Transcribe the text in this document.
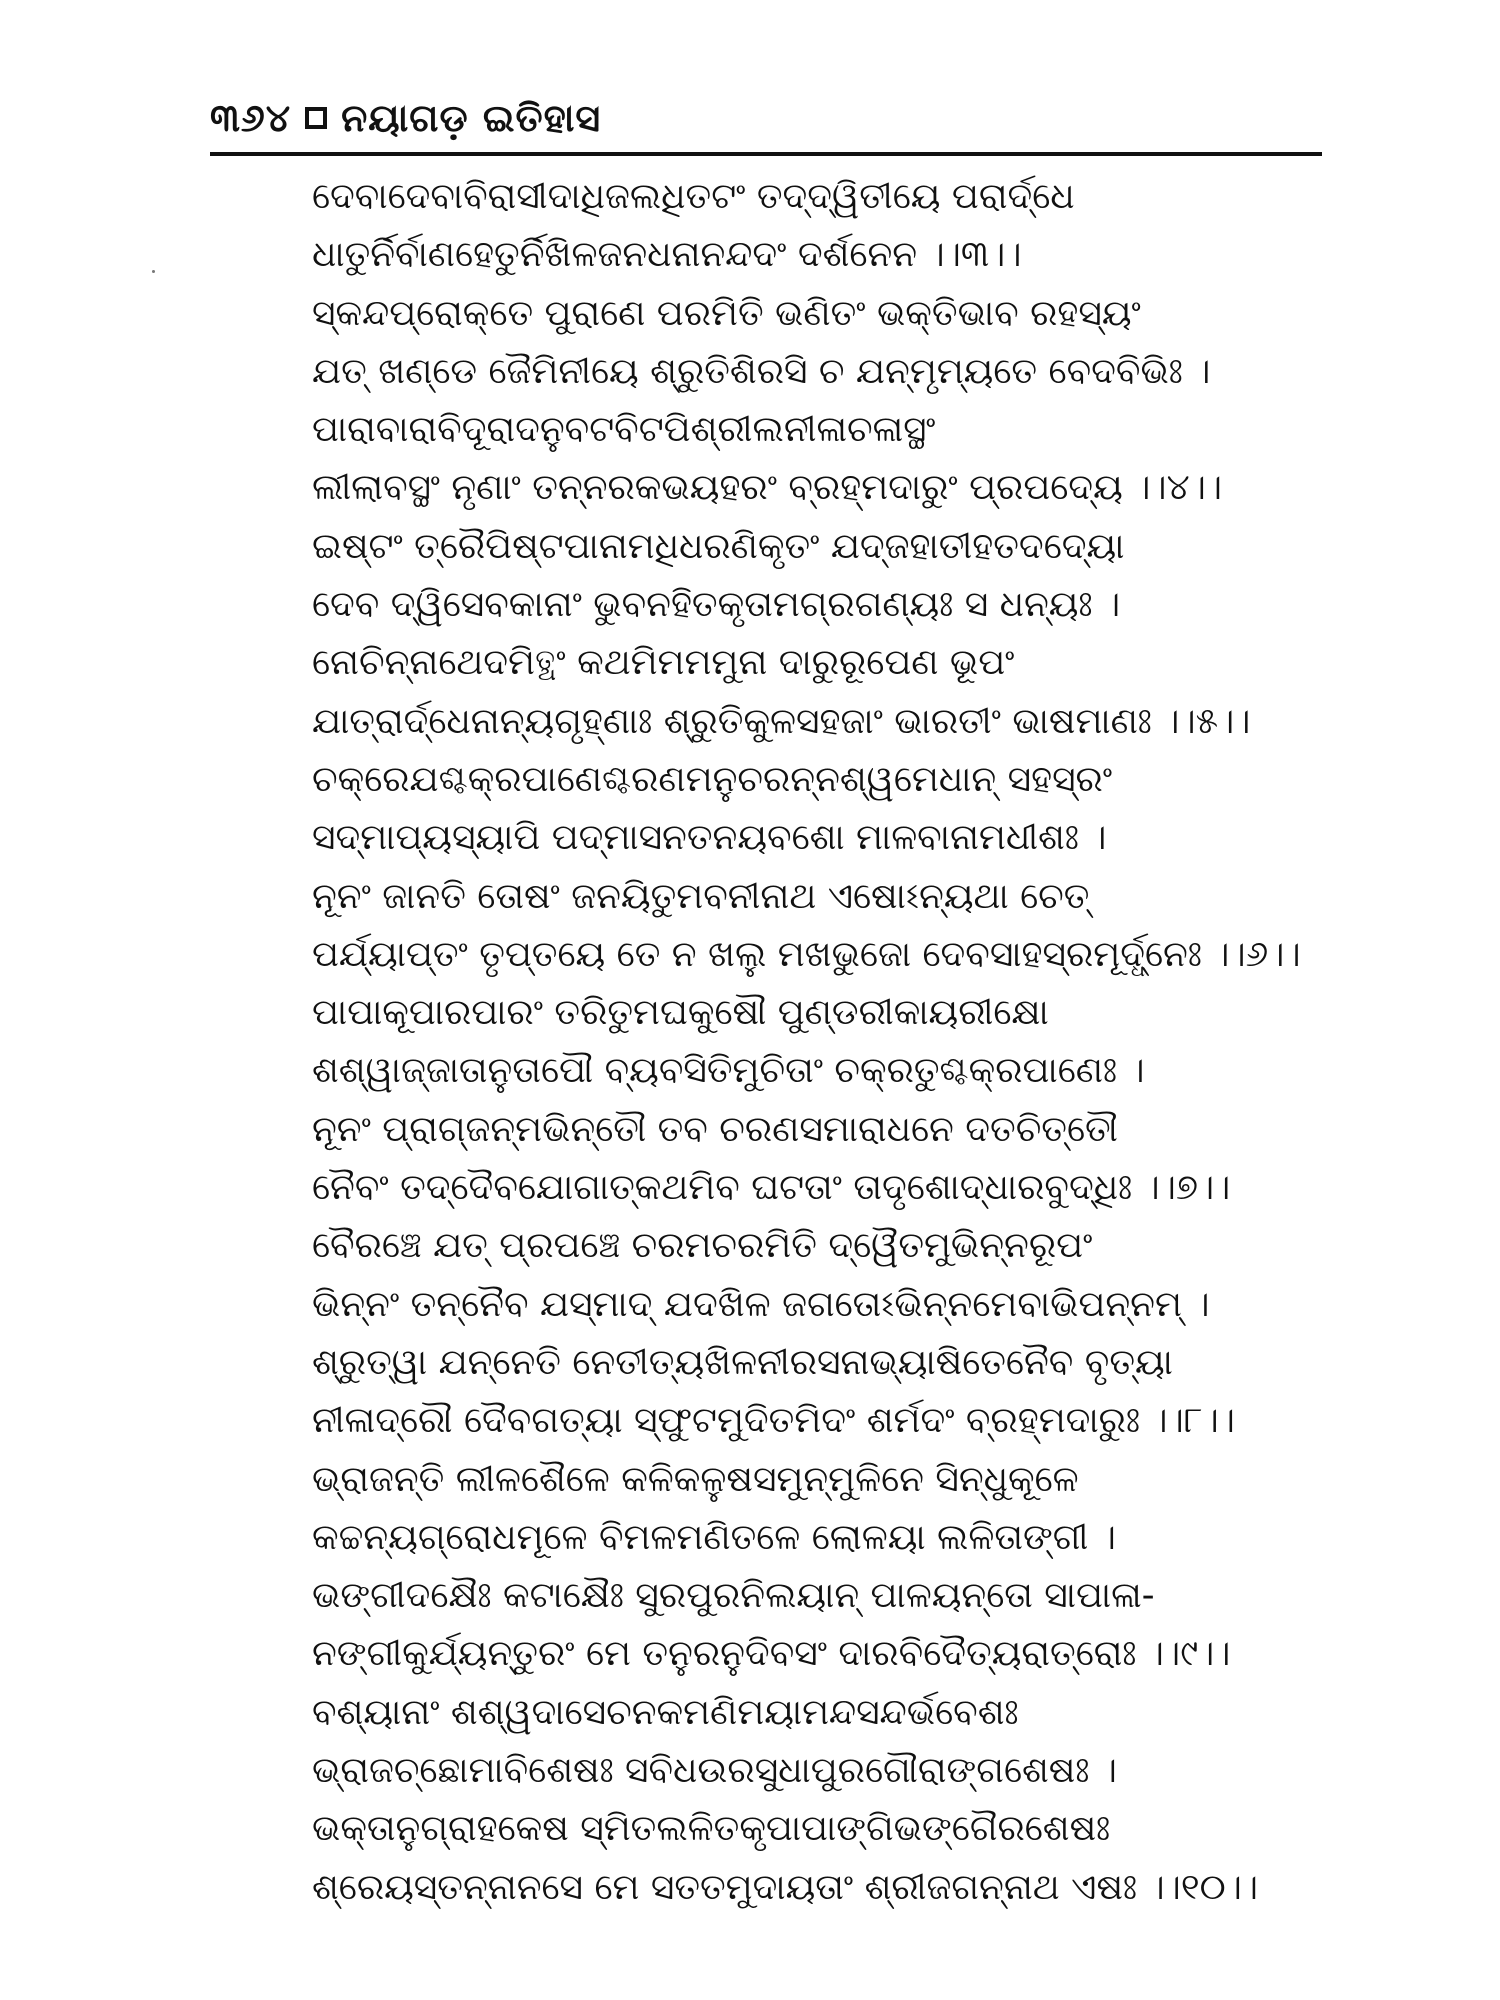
୩୬୪ ନୟାଗଡ଼ ଇତିହାସ
ଦେବାଦେବାବିରାସୀଦାଧିଜଲଧିତଟଂ ତଦ୍‌ଦ୍ୱିତୀୟେ ପରାର୍ଦ୍ଧେ
ଧାତୁର୍ନିର୍ବାଣହେତୁର୍ନିଖିଳଜନଧନାନନ୍ଦଦଂ ଦର୍ଶନେନ ।।୩।।
ସ୍କନ୍ଦପ୍ରୋକ୍ତେ ପୁରାଣେ ପରମିତି ଭଣିତଂ ଭକ୍ତିଭାବ ରହସ୍ୟଂ
ଯତ୍ ଖଣ୍ଡେ ଜୈମିନୀୟେ ଶ୍ରୁତିଶିରସି ଚ ଯନ୍ମୃମ୍ୟତେ ବେଦବିଭିଃ ।
ପାରାବାରାବିଦୂରାଦନୁବଟବିଟପିଶ୍ରୀଲନୀଳାଚଳାସ୍ଥଂ
ଲୀଲାବସ୍ଥଂ ନୃଣାଂ ତନ୍ନରକଭୟହରଂ ବ୍ରହ୍ମଦାରୁଂ ପ୍ରପଦ୍ୟେ ।।୪।।
ଇଷ୍ଟଂ ତ୍ରୈପିଷ୍ଟପାନାମଧିଧରଣିକୃତଂ ଯଦ୍‌ଜହାତୀହତଦଦ୍ୟୋ
ଦେବ ଦ୍ୱିସେବକାନାଂ ଭୁବନହିତକୃତାମଗ୍ରଗଣ୍ୟଃ ସ ଧନ୍ୟଃ ।
ନୋଚିନ୍ନାଥେଦମିତ୍ଥଂ କଥମିମମମୁନା ଦାରୁରୂପେଣ ଭୂପଂ
ଯାତ୍ରାର୍ଦ୍ଧେନାନ୍ୟଗୃହ୍ଣାଃ ଶ୍ରୁତିକୁଳସହଜାଂ ଭାରତୀଂ ଭାଷମାଣଃ ।।୫।।
ଚକ୍ରେଯଶ୍ଚକ୍ରପାଣେଶ୍ଚରଣମନୁଚରନ୍ନଶ୍ୱମେଧାନ୍ ସହସ୍ରଂ
ସଦ୍ମାପ୍ୟସ୍ୟାପି ପଦ୍ମାସନତନୟବଶୋ ମାଳବାନାମଧୀଶଃ ।
ନୂନଂ ଜାନତି ତୋଷଂ ଜନୟିତୁମବନୀନାଥ ଏଷୋଽନ୍ୟଥା ଚେତ୍
ପର୍ଯ୍ୟାପ୍ତଂ ତୃପ୍ତୟେ ତେ ନ ଖଲୁ ମଖଭୁଜୋ ଦେବସାହସ୍ରମୂର୍ଦ୍ଧ୍ନେଃ ।।୬।।
ପାପାକୂପାରପାରଂ ତରିତୁମଘକୁଷୌ ପୁଣ୍ଡରୀକାୟରୀକ୍ଷୋ
ଶଶ୍ୱାଜ୍ଜାତାନୁତାପୌ ବ୍ୟବସିତିମୁଚିତାଂ ଚକ୍ରତୁଶ୍ଚକ୍ରପାଣେଃ ।
ନୂନଂ ପ୍ରାଗ୍‌ଜନ୍ମଭିନ୍ତୌ ତବ ଚରଣସମାରାଧନେ ଦତଚିତ୍ତୌ
ନୈବଂ ତଦ୍‌ଦୈବଯୋଗାତ୍କଥମିବ ଘଟତାଂ ତାଦୃଶୋଦ୍ଧାରବୁଦ୍ଧିଃ ।।୭।।
ବୈରଞ୍ଚେ ଯତ୍ ପ୍ରପଞ୍ଚେ ଚରମଚରମିତି ଦ୍ୱୈତମୁଭିନ୍ନରୂପଂ
ଭିନ୍ନଂ ତନ୍ନୈବ ଯସ୍ମାଦ୍ ଯଦଖିଳ ଜଗତୋଽଭିନ୍ନମେବାଭିପନ୍ନମ୍ ।
ଶ୍ରୁତ୍ୱା ଯନ୍ନେତି ନେତୀତ୍ୟଖିଳନୀରସନାଭ୍ୟାଷିତେନୈବ ବୃତ୍ୟା
ନୀଳାଦ୍ରୌ ଦୈବଗତ୍ୟା ସ୍ଫୁଟମୁଦିତମିଦଂ ଶର୍ମଦଂ ବ୍ରହ୍ମଦାରୁଃ ।।୮।।
ଭ୍ରାଜନ୍ତି ଲୀଳଶୈଳେ କଳିକଳୁଷସମୁନ୍ମୁଳିନେ ସିନ୍ଧୁକୂଳେ
କଚ୍ଚନ୍ୟଗ୍ରୋଧମୂଳେ ବିମଳମଣିତଳେ ଲୋଳୟା ଲଳିତାଙ୍ଗୀ ।
ଭଙ୍ଗୀଦକ୍ଷୈଃ କଟାକ୍ଷୈଃ ସୁରପୁରନିଲୟାନ୍ ପାଳୟନ୍ତୋ ସାପାଳା-
ନଙ୍ଗୀକୁର୍ଯ୍ୟନ୍ତୁରଂ ମେ ତନୁରନୁଦିବସଂ ଦାରବିଦୈତ୍ୟରାତ୍ରୋଃ ।।୯।।
ବଶ୍ୟାନାଂ ଶଶ୍ୱଦାସେଚନକମଣିମୟାମନ୍ଦସନ୍ଦର୍ଭବେଶଃ
ଭ୍ରାଜଚ୍ଛୋମାବିଶେଷଃ ସବିଧଉରସୁଧାପୁରଗୌରାଙ୍ଗଶେଷଃ ।
ଭକ୍ତାନୁଗ୍ରାହକେଷ ସ୍ମିତଲଳିତକୃପାପାଙ୍ଗିଭଙ୍ଗୈରଶେଷଃ
ଶ୍ରେୟସ୍ତନ୍ନାନସେ ମେ ସତତମୁଦାୟତାଂ ଶ୍ରୀଜଗନ୍ନାଥ ଏଷଃ ।।୧୦।।
